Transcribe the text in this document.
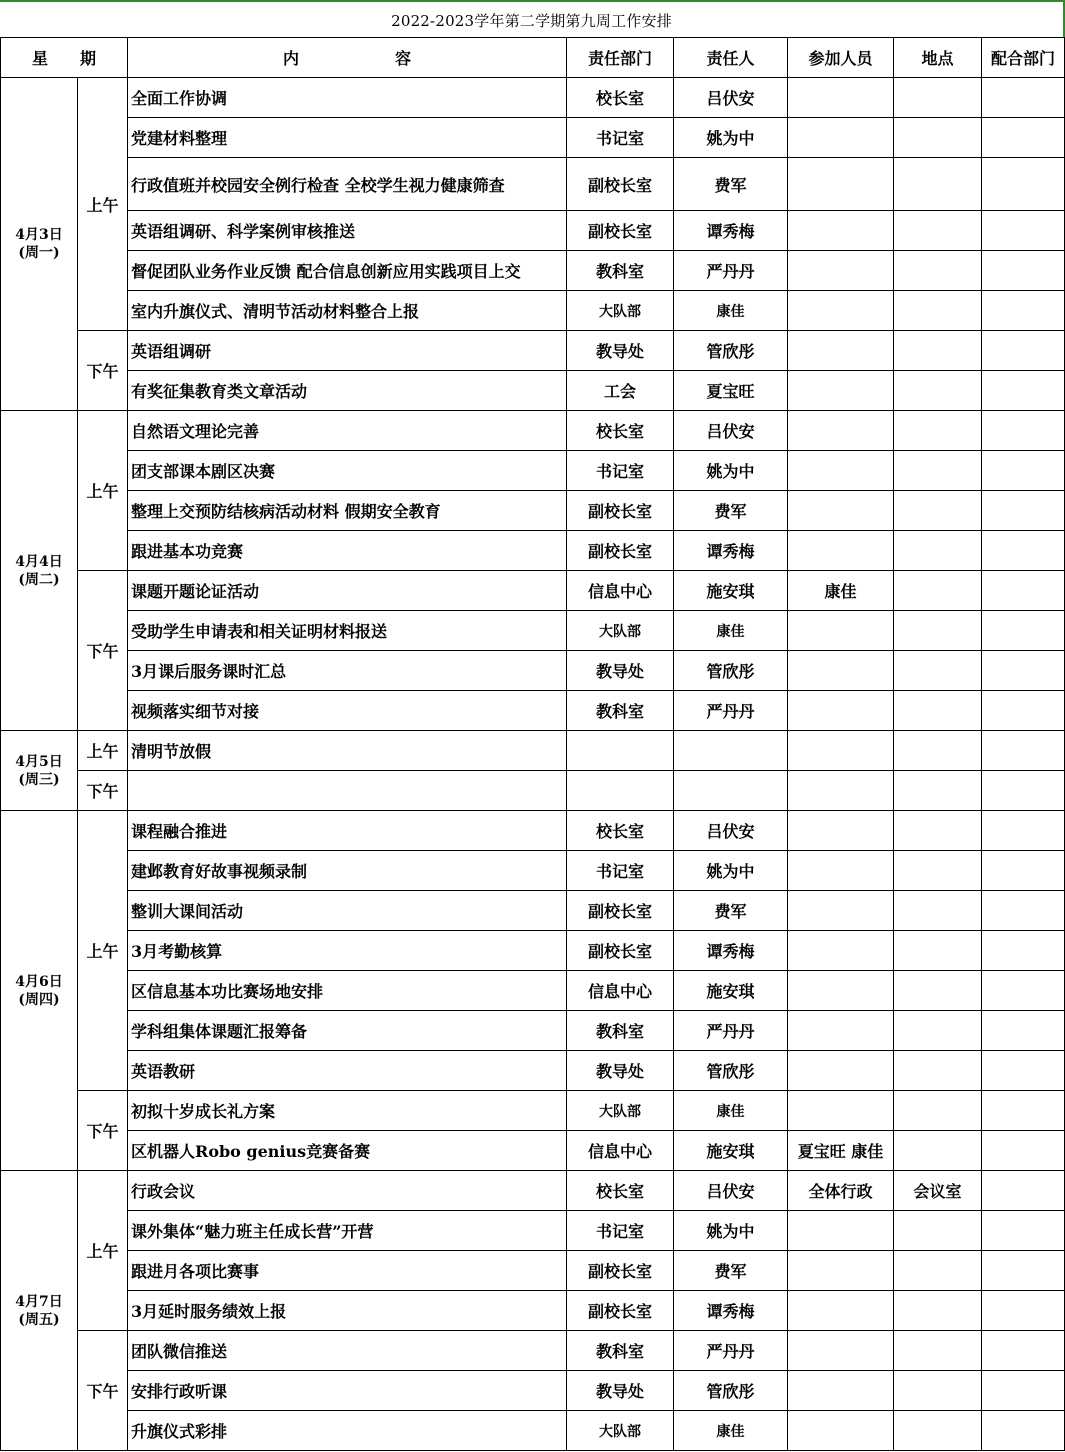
2022-2023学年第二学期第九周工作安排
星　　期		内　　　　　　容	责任部门	责任人	参加人员	地点	配合部门

4月3日
(周一)	上午	全面工作协调	校长室	吕伏安			
		党建材料整理	书记室	姚为中			
		行政值班并校园安全例行检查 全校学生视力健康筛查	副校长室	费军			
		英语组调研、科学案例审核推送	副校长室	谭秀梅			
		督促团队业务作业反馈 配合信息创新应用实践项目上交	教科室	严丹丹			
		室内升旗仪式、清明节活动材料整合上报	大队部	康佳			
	下午	英语组调研	教导处	管欣彤			
		有奖征集教育类文章活动	工会	夏宝旺			

4月4日
(周二)	上午	自然语文理论完善	校长室	吕伏安			
		团支部课本剧区决赛	书记室	姚为中			
		整理上交预防结核病活动材料 假期安全教育	副校长室	费军			
		跟进基本功竞赛	副校长室	谭秀梅			
	下午	课题开题论证活动	信息中心	施安琪	康佳		
		受助学生申请表和相关证明材料报送	大队部	康佳			
		3月课后服务课时汇总	教导处	管欣彤			
		视频落实细节对接	教科室	严丹丹			

4月5日
(周三)	上午	清明节放假					
	下午						

4月6日
(周四)	上午	课程融合推进	校长室	吕伏安			
		建邺教育好故事视频录制	书记室	姚为中			
		整训大课间活动	副校长室	费军			
		3月考勤核算	副校长室	谭秀梅			
		区信息基本功比赛场地安排	信息中心	施安琪			
		学科组集体课题汇报筹备	教科室	严丹丹			
		英语教研	教导处	管欣彤			
	下午	初拟十岁成长礼方案	大队部	康佳			
		区机器人Robo genius竞赛备赛	信息中心	施安琪	夏宝旺 康佳		

4月7日
(周五)	上午	行政会议	校长室	吕伏安	全体行政	会议室	
		课外集体“魅力班主任成长营”开营	书记室	姚为中			
		跟进月各项比赛事	副校长室	费军			
		3月延时服务绩效上报	副校长室	谭秀梅			
	下午	团队微信推送	教科室	严丹丹			
		安排行政听课	教导处	管欣彤			
		升旗仪式彩排	大队部	康佳			
